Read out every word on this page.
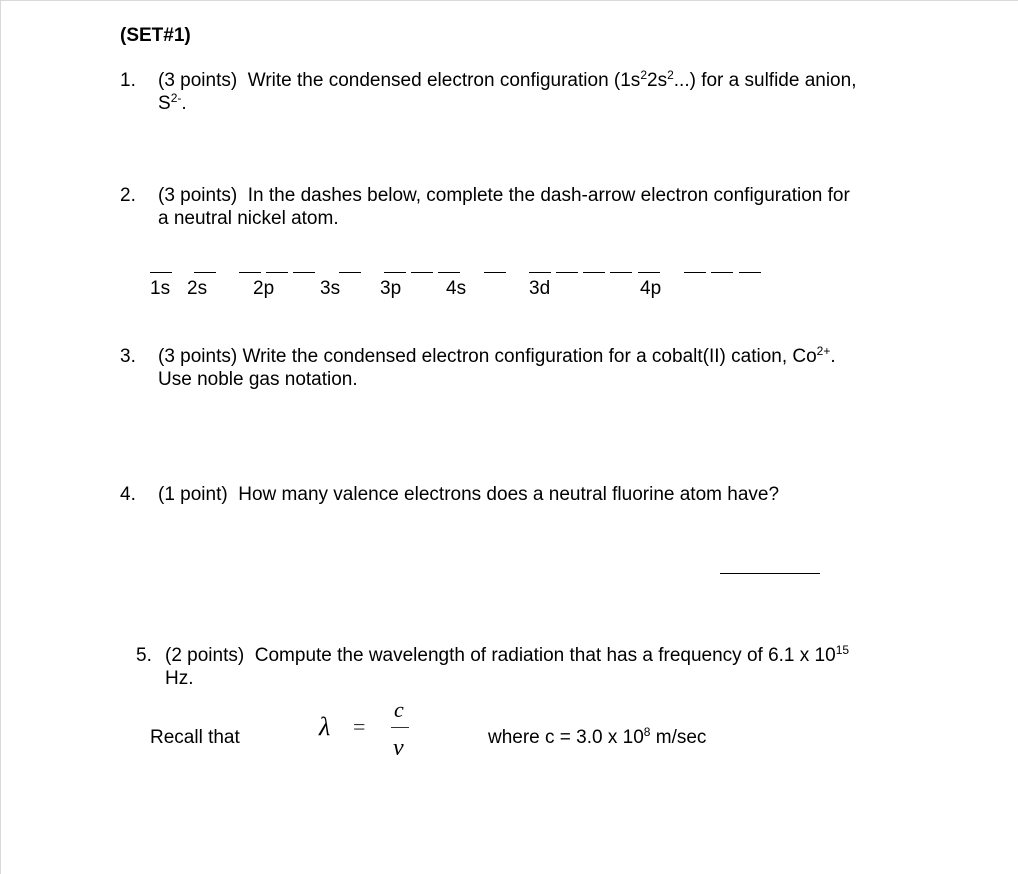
(SET#1)
1. (3 points) Write the condensed electron configuration $(1s^22s^2...)$ for a sulfide anion,
$S^{2-}$.
2. (3 points) In the dashes below, complete the dash-arrow electron configuration for
a neutral nickel atom.
1s 2s 2p 3s 3p 4s	3d	4p
3. (3 points) Write the condensed electron configuration for a cobalt(II) cation, $Co^{2+}$.
Use noble gas notation.
4. (1 point) How many valence electrons does a neutral fluorine atom have?
5. (2 points) Compute the wavelength of radiation that has a frequency of 6.1 x $10^{15}$
Hz.
Recall that	λ =
c
ν	where c = 3.0 x $10^8$ m/sec
